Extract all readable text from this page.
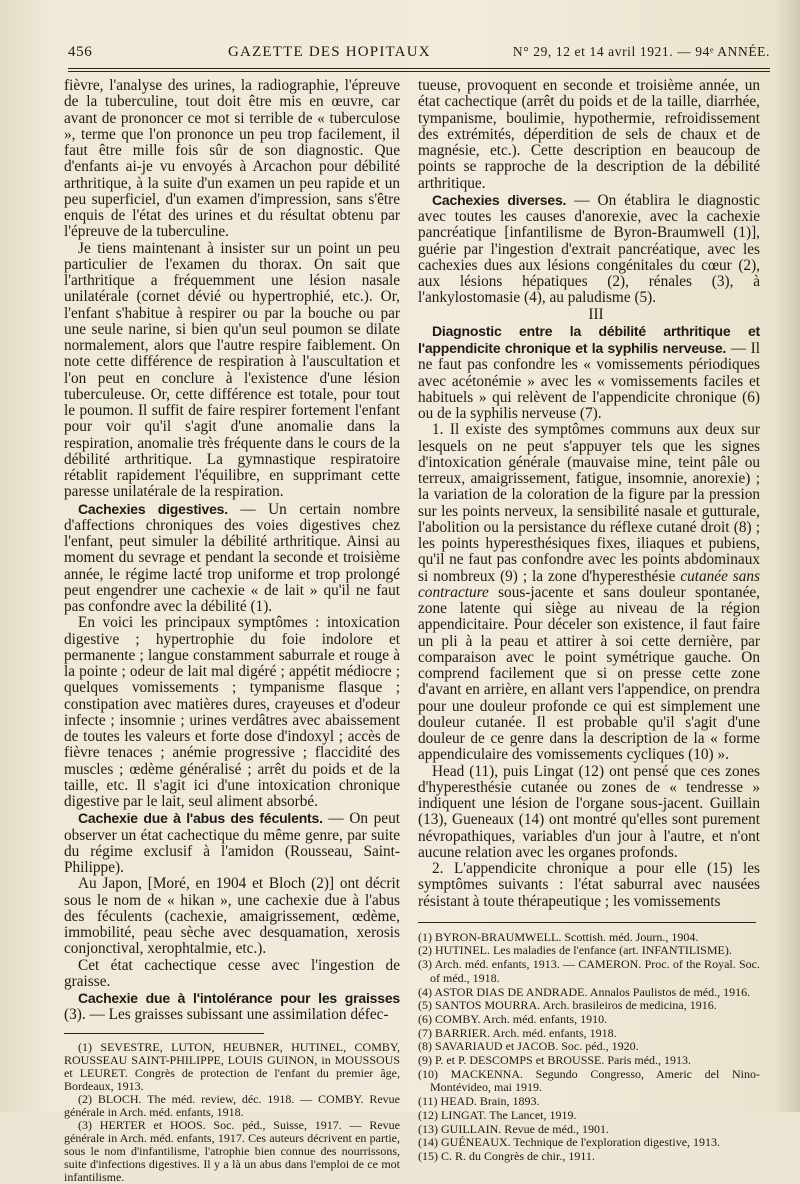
456	GAZETTE DES HOPITAUX	N° 29, 12 et 14 avril 1921. — 94ᵉ ANNÉE.

fièvre, l'analyse des urines, la radiographie, l'épreuve de la tuberculine, tout doit être mis en œuvre, car avant de prononcer ce mot si terrible de « tuberculose », terme que l'on prononce un peu trop facilement, il faut être mille fois sûr de son diagnostic. Que d'enfants ai-je vu envoyés à Arcachon pour débilité arthritique, à la suite d'un examen un peu rapide et un peu superficiel, d'un examen d'impression, sans s'être enquis de l'état des urines et du résultat obtenu par l'épreuve de la tuberculine.

Je tiens maintenant à insister sur un point un peu particulier de l'examen du thorax. On sait que l'arthritique a fréquemment une lésion nasale unilatérale (cornet dévié ou hypertrophié, etc.). Or, l'enfant s'habitue à respirer ou par la bouche ou par une seule narine, si bien qu'un seul poumon se dilate normalement, alors que l'autre respire faiblement. On note cette différence de respiration à l'auscultation et l'on peut en conclure à l'existence d'une lésion tuberculeuse. Or, cette différence est totale, pour tout le poumon. Il suffit de faire respirer fortement l'enfant pour voir qu'il s'agit d'une anomalie dans la respiration, anomalie très fréquente dans le cours de la débilité arthritique. La gymnastique respiratoire rétablit rapidement l'équilibre, en supprimant cette paresse unilatérale de la respiration.

Cachexies digestives. — Un certain nombre d'affections chroniques des voies digestives chez l'enfant, peut simuler la débilité arthritique. Ainsi au moment du sevrage et pendant la seconde et troisième année, le régime lacté trop uniforme et trop prolongé peut engendrer une cachexie « de lait » qu'il ne faut pas confondre avec la débilité (1).

En voici les principaux symptômes : intoxication digestive ; hypertrophie du foie indolore et permanente ; langue constamment saburrale et rouge à la pointe ; odeur de lait mal digéré ; appétit médiocre ; quelques vomissements ; tympanisme flasque ; constipation avec matières dures, crayeuses et d'odeur infecte ; insomnie ; urines verdâtres avec abaissement de toutes les valeurs et forte dose d'indoxyl ; accès de fièvre tenaces ; anémie progressive ; flaccidité des muscles ; œdème généralisé ; arrêt du poids et de la taille, etc. Il s'agit ici d'une intoxication chronique digestive par le lait, seul aliment absorbé.

Cachexie due à l'abus des féculents. — On peut observer un état cachectique du même genre, par suite du régime exclusif à l'amidon (Rousseau, Saint-Philippe).

Au Japon, [Moré, en 1904 et Bloch (2)] ont décrit sous le nom de « hikan », une cachexie due à l'abus des féculents (cachexie, amaigrissement, œdème, immobilité, peau sèche avec desquamation, xerosis conjonctival, xerophtalmie, etc.).

Cet état cachectique cesse avec l'ingestion de graisse.

Cachexie due à l'intolérance pour les graisses (3). — Les graisses subissant une assimilation défec-

(1) SEVESTRE, LUTON, HEUBNER, HUTINEL, COMBY, ROUSSEAU SAINT-PHILIPPE, LOUIS GUINON, in MOUSSOUS et LEURET. Congrès de protection de l'enfant du premier âge, Bordeaux, 1913.

(2) BLOCH. The méd. review, déc. 1918. — COMBY. Revue générale in Arch. méd. enfants, 1918.

(3) HERTER et HOOS. Soc. péd., Suisse, 1917. — Revue générale in Arch. méd. enfants, 1917. Ces auteurs décrivent en partie, sous le nom d'infantilisme, l'atrophie bien connue des nourrissons, suite d'infections digestives. Il y a là un abus dans l'emploi de ce mot infantilisme.

tueuse, provoquent en seconde et troisième année, un état cachectique (arrêt du poids et de la taille, diarrhée, tympanisme, boulimie, hypothermie, refroidissement des extrémités, déperdition de sels de chaux et de magnésie, etc.). Cette description en beaucoup de points se rapproche de la description de la débilité arthritique.

Cachexies diverses. — On établira le diagnostic avec toutes les causes d'anorexie, avec la cachexie pancréatique [infantilisme de Byron-Braumwell (1)], guérie par l'ingestion d'extrait pancréatique, avec les cachexies dues aux lésions congénitales du cœur (2), aux lésions hépatiques (2), rénales (3), à l'ankylostomasie (4), au paludisme (5).

III

Diagnostic entre la débilité arthritique et l'appendicite chronique et la syphilis nerveuse. — Il ne faut pas confondre les « vomissements périodiques avec acétonémie » avec les « vomissements faciles et habituels » qui relèvent de l'appendicite chronique (6) ou de la syphilis nerveuse (7).

1. Il existe des symptômes communs aux deux sur lesquels on ne peut s'appuyer tels que les signes d'intoxication générale (mauvaise mine, teint pâle ou terreux, amaigrissement, fatigue, insomnie, anorexie) ; la variation de la coloration de la figure par la pression sur les points nerveux, la sensibilité nasale et gutturale, l'abolition ou la persistance du réflexe cutané droit (8) ; les points hyperesthésiques fixes, iliaques et pubiens, qu'il ne faut pas confondre avec les points abdominaux si nombreux (9) ; la zone d'hyperesthésie cutanée sans contracture sous-jacente et sans douleur spontanée, zone latente qui siège au niveau de la région appendicitaire. Pour déceler son existence, il faut faire un pli à la peau et attirer à soi cette dernière, par comparaison avec le point symétrique gauche. On comprend facilement que si on presse cette zone d'avant en arrière, en allant vers l'appendice, on prendra pour une douleur profonde ce qui est simplement une douleur cutanée. Il est probable qu'il s'agit d'une douleur de ce genre dans la description de la « forme appendiculaire des vomissements cycliques (10) ».

Head (11), puis Lingat (12) ont pensé que ces zones d'hyperesthésie cutanée ou zones de « tendresse » indiquent une lésion de l'organe sous-jacent. Guillain (13), Gueneaux (14) ont montré qu'elles sont purement névropathiques, variables d'un jour à l'autre, et n'ont aucune relation avec les organes profonds.

2. L'appendicite chronique a pour elle (15) les symptômes suivants : l'état saburral avec nausées résistant à toute thérapeutique ; les vomissements

(1) BYRON-BRAUMWELL. Scottish. méd. Journ., 1904.

(2) HUTINEL. Les maladies de l'enfance (art. INFANTILISME).

(3) Arch. méd. enfants, 1913. — CAMERON. Proc. of the Royal. Soc. of méd., 1918.

(4) ASTOR DIAS DE ANDRADE. Annalos Paulistos de méd., 1916.

(5) SANTOS MOURRA. Arch. brasileiros de medicina, 1916.

(6) COMBY. Arch. méd. enfants, 1910.

(7) BARRIER. Arch. méd. enfants, 1918.

(8) SAVARIAUD et JACOB. Soc. péd., 1920.

(9) P. et P. DESCOMPS et BROUSSE. Paris méd., 1913.

(10) MACKENNA. Segundo Congresso, Americ del Nino-Montévideo, mai 1919.

(11) HEAD. Brain, 1893.

(12) LINGAT. The Lancet, 1919.

(13) GUILLAIN. Revue de méd., 1901.

(14) GUÉNEAUX. Technique de l'exploration digestive, 1913.

(15) C. R. du Congrès de chir., 1911.
